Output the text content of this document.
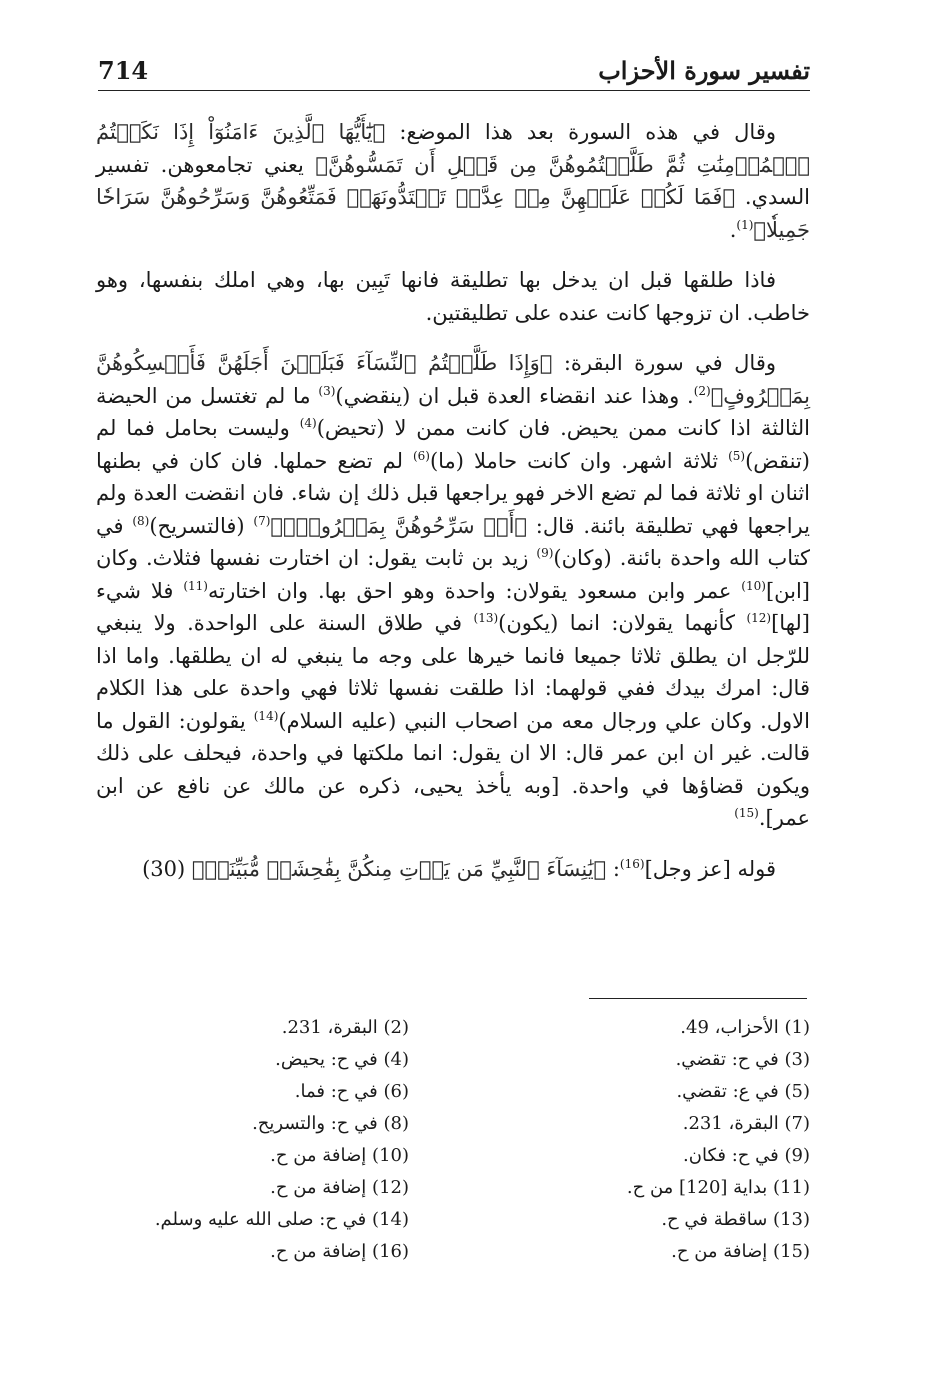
تفسير سورة الأحزاب
714

وقال في هذه السورة بعد هذا الموضع: ﴿يَٰٓأَيُّهَا ٱلَّذِينَ ءَامَنُوٓاْ إِذَا نَكَحۡتُمُ ٱلۡمُؤۡمِنَٰتِ ثُمَّ طَلَّقۡتُمُوهُنَّ مِن قَبۡلِ أَن تَمَسُّوهُنَّ﴾ يعني تجامعوهن. تفسير السدي. ﴿فَمَا لَكُمۡ عَلَيۡهِنَّ مِنۡ عِدَّةٖ تَعۡتَدُّونَهَاۖ فَمَتِّعُوهُنَّ وَسَرِّحُوهُنَّ سَرَاحٗا جَمِيلٗا﴾$^{(1)}$.

فاذا طلقها قبل ان يدخل بها تطليقة فانها تَبِين بها، وهي املك بنفسها، وهو خاطب. ان تزوجها كانت عنده على تطليقتين.

وقال في سورة البقرة: ﴿وَإِذَا طَلَّقۡتُمُ ٱلنِّسَآءَ فَبَلَغۡنَ أَجَلَهُنَّ فَأَمۡسِكُوهُنَّ بِمَعۡرُوفٍ﴾$^{(2)}$. وهذا عند انقضاء العدة قبل ان (ينقضي)$^{(3)}$ ما لم تغتسل من الحيضة الثالثة اذا كانت ممن يحيض. فان كانت ممن لا (تحيض)$^{(4)}$ وليست بحامل فما لم (تنقض)$^{(5)}$ ثلاثة اشهر. وان كانت حاملا (ما)$^{(6)}$ لم تضع حملها. فان كان في بطنها اثنان او ثلاثة فما لم تضع الاخر فهو يراجعها قبل ذلك إن شاء. فان انقضت العدة ولم يراجعها فهي تطليقة بائنة. قال: ﴿أَوۡ سَرِّحُوهُنَّ بِمَعۡرُوفٖۚ﴾$^{(7)}$ (فالتسريح)$^{(8)}$ في كتاب الله واحدة بائنة. (وكان)$^{(9)}$ زيد بن ثابت يقول: ان اختارت نفسها فثلاث. وكان [ابن]$^{(10)}$ عمر وابن مسعود يقولان: واحدة وهو احق بها. وان اختارته$^{(11)}$ فلا شيء [لها]$^{(12)}$ كأنهما يقولان: انما (يكون)$^{(13)}$ في طلاق السنة على الواحدة. ولا ينبغي للرّجل ان يطلق ثلاثا جميعا فانما خيرها على وجه ما ينبغي له ان يطلقها. واما اذا قال: امرك بيدك ففي قولهما: اذا طلقت نفسها ثلاثا فهي واحدة على هذا الكلام الاول. وكان علي ورجال معه من اصحاب النبي (عليه السلام)$^{(14)}$ يقولون: القول ما قالت. غير ان ابن عمر قال: الا ان يقول: انما ملكتها في واحدة، فيحلف على ذلك ويكون قضاؤها في واحدة. [وبه يأخذ يحيى، ذكره عن مالك عن نافع عن ابن عمر].$^{(15)}$

قوله [عز وجل]$^{(16)}$: ﴿يَٰنِسَآءَ ٱلنَّبِيِّ مَن يَأۡتِ مِنكُنَّ بِفَٰحِشَةٖ مُّبَيِّنَةٖ﴾ (30)

(1) الأحزاب، 49.
(2) البقرة، 231.
(3) في ح: تقضي.
(4) في ح: يحيض.
(5) في ع: تقضي.
(6) في ح: فما.
(7) البقرة، 231.
(8) في ح: والتسريح.
(9) في ح: فكان.
(10) إضافة من ح.
(11) بداية [120] من ح.
(12) إضافة من ح.
(13) ساقطة في ح.
(14) في ح: صلى الله عليه وسلم.
(15) إضافة من ح.
(16) إضافة من ح.
